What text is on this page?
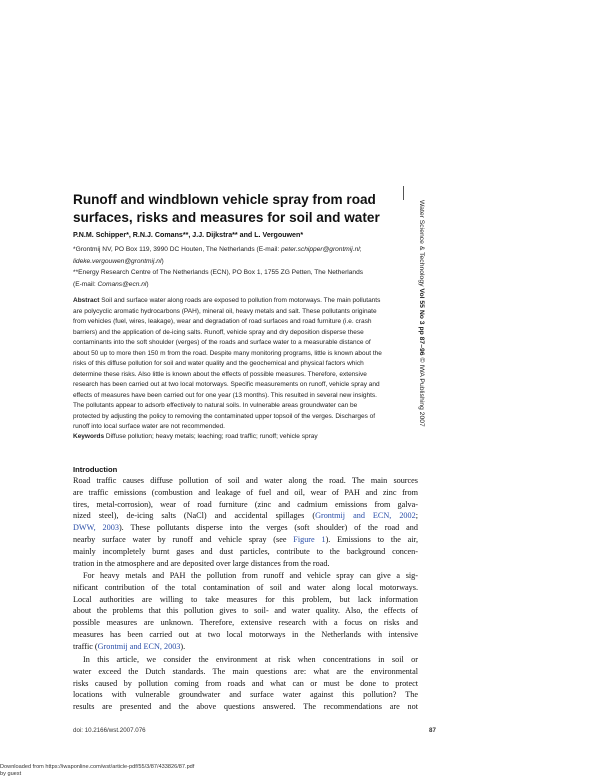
Runoff and windblown vehicle spray from road
surfaces, risks and measures for soil and water
P.N.M. Schipper*, R.N.J. Comans**, J.J. Dijkstra** and L. Vergouwen*
*Grontmij NV, PO Box 119, 3990 DC Houten, The Netherlands (E-mail: peter.schipper@grontmij.nl;
lideke.vergouwen@grontmij.nl)
**Energy Research Centre of The Netherlands (ECN), PO Box 1, 1755 ZG Petten, The Netherlands
(E-mail: Comans@ecn.nl)
Abstract Soil and surface water along roads are exposed to pollution from motorways. The main pollutants
are polycyclic aromatic hydrocarbons (PAH), mineral oil, heavy metals and salt. These pollutants originate
from vehicles (fuel, wires, leakage), wear and degradation of road surfaces and road furniture (i.e. crash
barriers) and the application of de-icing salts. Runoff, vehicle spray and dry deposition disperse these
contaminants into the soft shoulder (verges) of the roads and surface water to a measurable distance of
about 50 up to more then 150 m from the road. Despite many monitoring programs, little is known about the
risks of this diffuse pollution for soil and water quality and the geochemical and physical factors which
determine these risks. Also little is known about the effects of possible measures. Therefore, extensive
research has been carried out at two local motorways. Specific measurements on runoff, vehicle spray and
effects of measures have been carried out for one year (13 months). This resulted in several new insights.
The pollutants appear to adsorb effectively to natural soils. In vulnerable areas groundwater can be
protected by adjusting the policy to removing the contaminated upper topsoil of the verges. Discharges of
runoff into local surface water are not recommended.
Keywords Diffuse pollution; heavy metals; leaching; road traffic; runoff; vehicle spray
Introduction
Road traffic causes diffuse pollution of soil and water along the road. The main sources
are traffic emissions (combustion and leakage of fuel and oil, wear of PAH and zinc from
tires, metal-corrosion), wear of road furniture (zinc and cadmium emissions from galva-
nized steel), de-icing salts (NaCl) and accidental spillages (Grontmij and ECN, 2002;
DWW, 2003). These pollutants disperse into the verges (soft shoulder) of the road and
nearby surface water by runoff and vehicle spray (see Figure 1). Emissions to the air,
mainly incompletely burnt gases and dust particles, contribute to the background concen-
tration in the atmosphere and are deposited over large distances from the road.
For heavy metals and PAH the pollution from runoff and vehicle spray can give a sig-
nificant contribution of the total contamination of soil and water along local motorways.
Local authorities are willing to take measures for this problem, but lack information
about the problems that this pollution gives to soil- and water quality. Also, the effects of
possible measures are unknown. Therefore, extensive research with a focus on risks and
measures has been carried out at two local motorways in the Netherlands with intensive
traffic (Grontmij and ECN, 2003).
In this article, we consider the environment at risk when concentrations in soil or
water exceed the Dutch standards. The main questions are: what are the environmental
risks caused by pollution coming from roads and what can or must be done to protect
locations with vulnerable groundwater and surface water against this pollution? The
results are presented and the above questions answered. The recommendations are not
Water Science & Technology Vol 55 No 3 pp 87–96 © IWA Publishing 2007
doi: 10.2166/wst.2007.076	87
Downloaded from https://iwaponline.com/wst/article-pdf/55/3/87/433826/87.pdf
by guest
